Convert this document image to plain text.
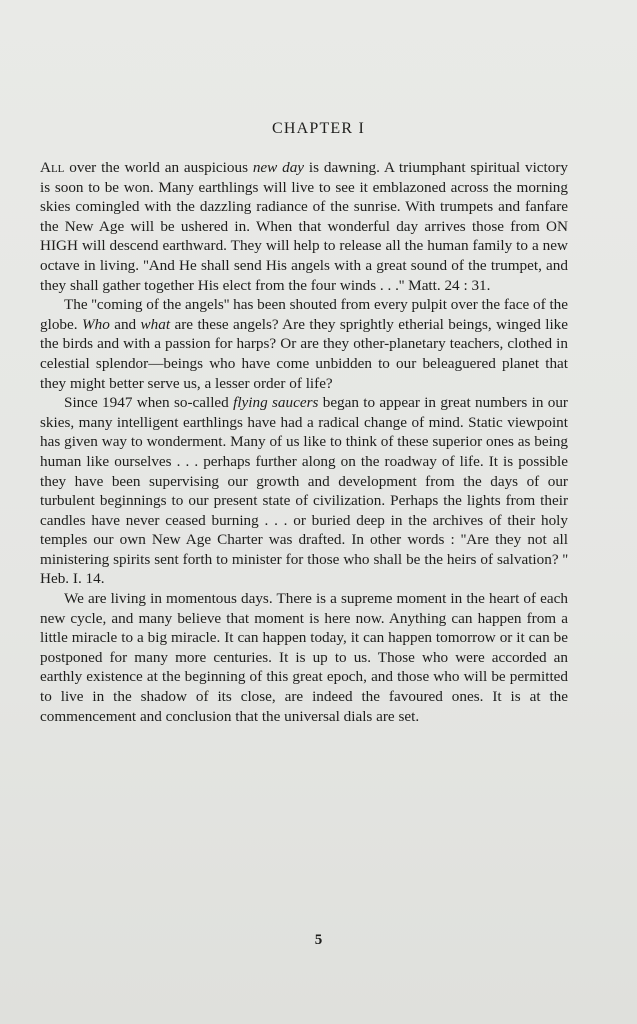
CHAPTER I

All over the world an auspicious new day is dawning. A triumphant spiritual victory is soon to be won. Many earthlings will live to see it emblazoned across the morning skies comingled with the dazzling radiance of the sunrise. With trumpets and fanfare the New Age will be ushered in. When that wonderful day arrives those from ON HIGH will descend earthward. They will help to release all the human family to a new octave in living. ''And He shall send His angels with a great sound of the trumpet, and they shall gather together His elect from the four winds . . .'' Matt. 24 : 31.

The ''coming of the angels'' has been shouted from every pulpit over the face of the globe. Who and what are these angels? Are they sprightly etherial beings, winged like the birds and with a passion for harps? Or are they other-planetary teachers, clothed in celestial splendor—beings who have come unbidden to our beleaguered planet that they might better serve us, a lesser order of life?

Since 1947 when so-called flying saucers began to appear in great numbers in our skies, many intelligent earthlings have had a radical change of mind. Static viewpoint has given way to wonderment. Many of us like to think of these superior ones as being human like ourselves . . . perhaps further along on the roadway of life. It is possible they have been supervising our growth and development from the days of our turbulent beginnings to our present state of civilization. Perhaps the lights from their candles have never ceased burning . . . or buried deep in the archives of their holy temples our own New Age Charter was drafted. In other words : ''Are they not all ministering spirits sent forth to minister for those who shall be the heirs of salvation? '' Heb. I. 14.

We are living in momentous days. There is a supreme moment in the heart of each new cycle, and many believe that moment is here now. Anything can happen from a little miracle to a big miracle. It can happen today, it can happen tomorrow or it can be postponed for many more centuries. It is up to us. Those who were accorded an earthly existence at the beginning of this great epoch, and those who will be permitted to live in the shadow of its close, are indeed the favoured ones. It is at the commencement and conclusion that the universal dials are set.

5
